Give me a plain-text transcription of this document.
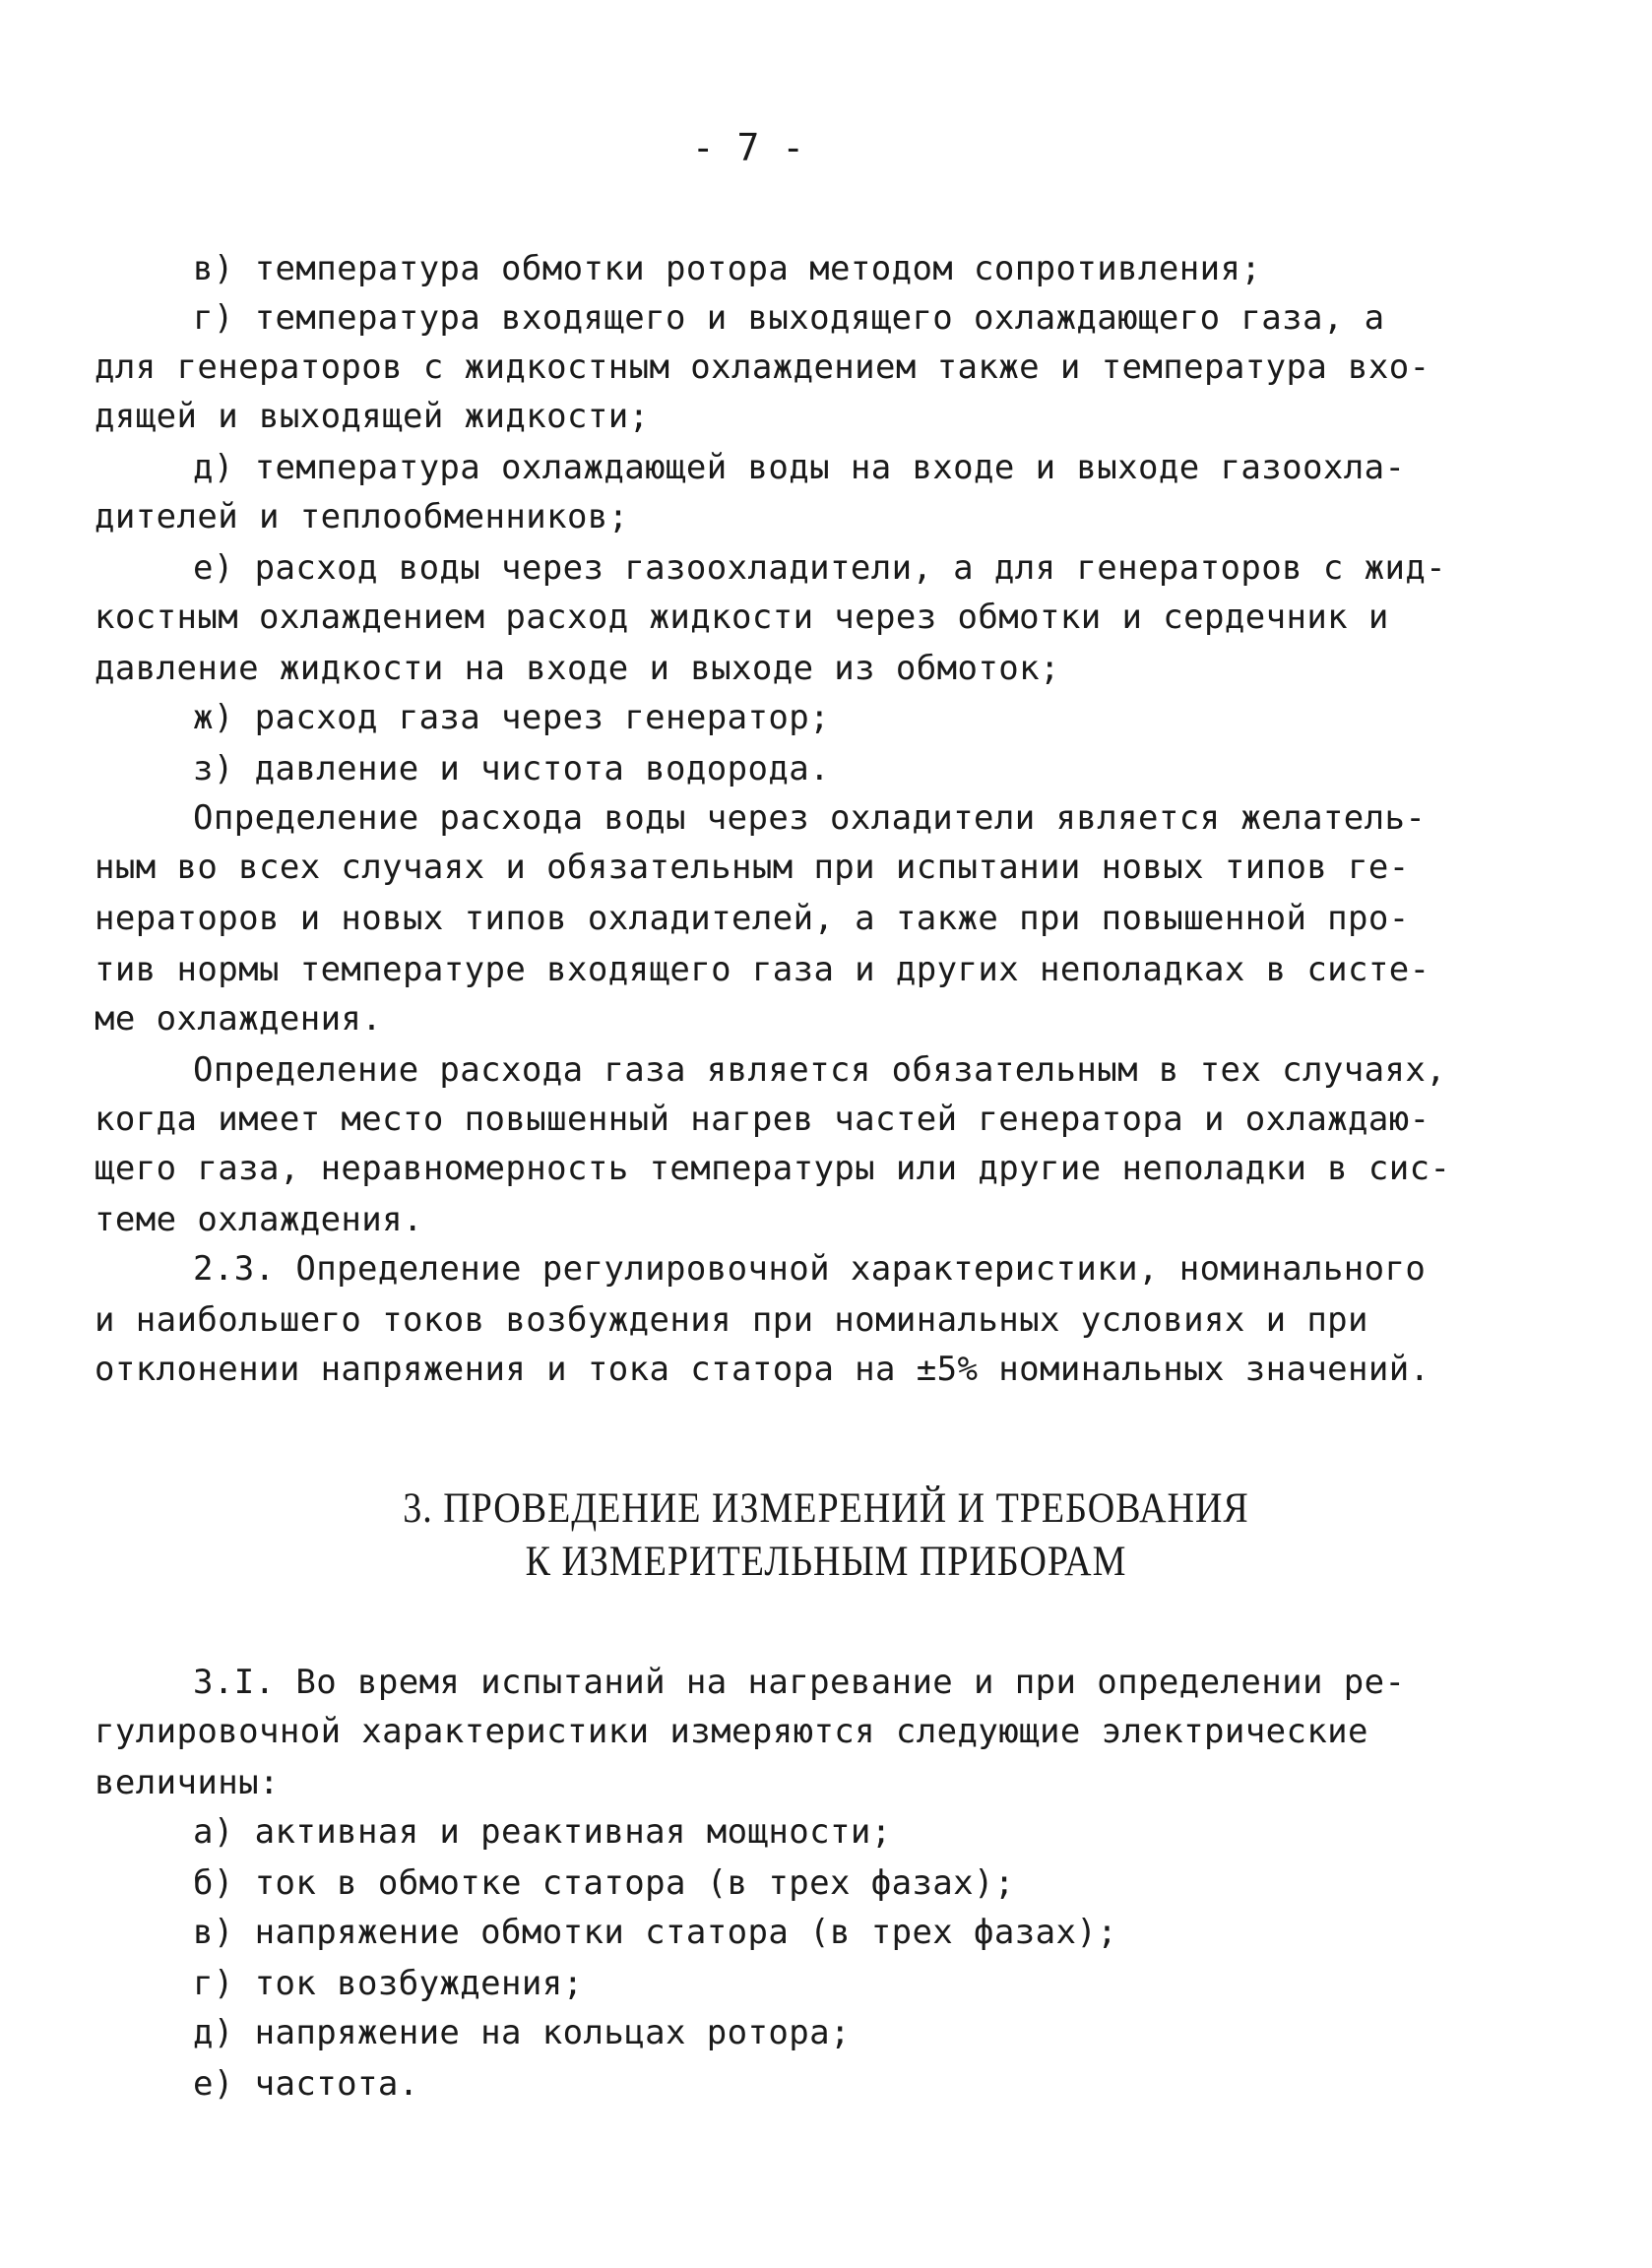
- 7 -
в) температура обмотки ротора методом сопротивления;
г) температура входящего и выходящего охлаждающего газа, а
для генераторов с жидкостным охлаждением также и температура вхо-
дящей и выходящей жидкости;
д) температура охлаждающей воды на входе и выходе газоохла-
дителей и теплообменников;
е) расход воды через газоохладители, а для генераторов с жид-
костным охлаждением расход жидкости через обмотки и сердечник и
давление жидкости на входе и выходе из обмоток;
ж) расход газа через генератор;
з) давление и чистота водорода.
Определение расхода воды через охладители является желатель-
ным во всех случаях и обязательным при испытании новых типов ге-
нераторов и новых типов охладителей, а также при повышенной про-
тив нормы температуре входящего газа и других неполадках в систе-
ме охлаждения.
Определение расхода газа является обязательным в тех случаях,
когда имеет место повышенный нагрев частей генератора и охлаждаю-
щего газа, неравномерность температуры или другие неполадки в сис-
теме охлаждения.
2.3. Определение регулировочной характеристики, номинального
и наибольшего токов возбуждения при номинальных условиях и при
отклонении напряжения и тока статора на ±5% номинальных значений.
3. ПРОВЕДЕНИЕ ИЗМЕРЕНИЙ И ТРЕБОВАНИЯ
К ИЗМЕРИТЕЛЬНЫМ ПРИБОРАМ
3.I. Во время испытаний на нагревание и при определении ре-
гулировочной характеристики измеряются следующие электрические
величины:
а) активная и реактивная мощности;
б) ток в обмотке статора (в трех фазах);
в) напряжение обмотки статора (в трех фазах);
г) ток возбуждения;
д) напряжение на кольцах ротора;
е) частота.
